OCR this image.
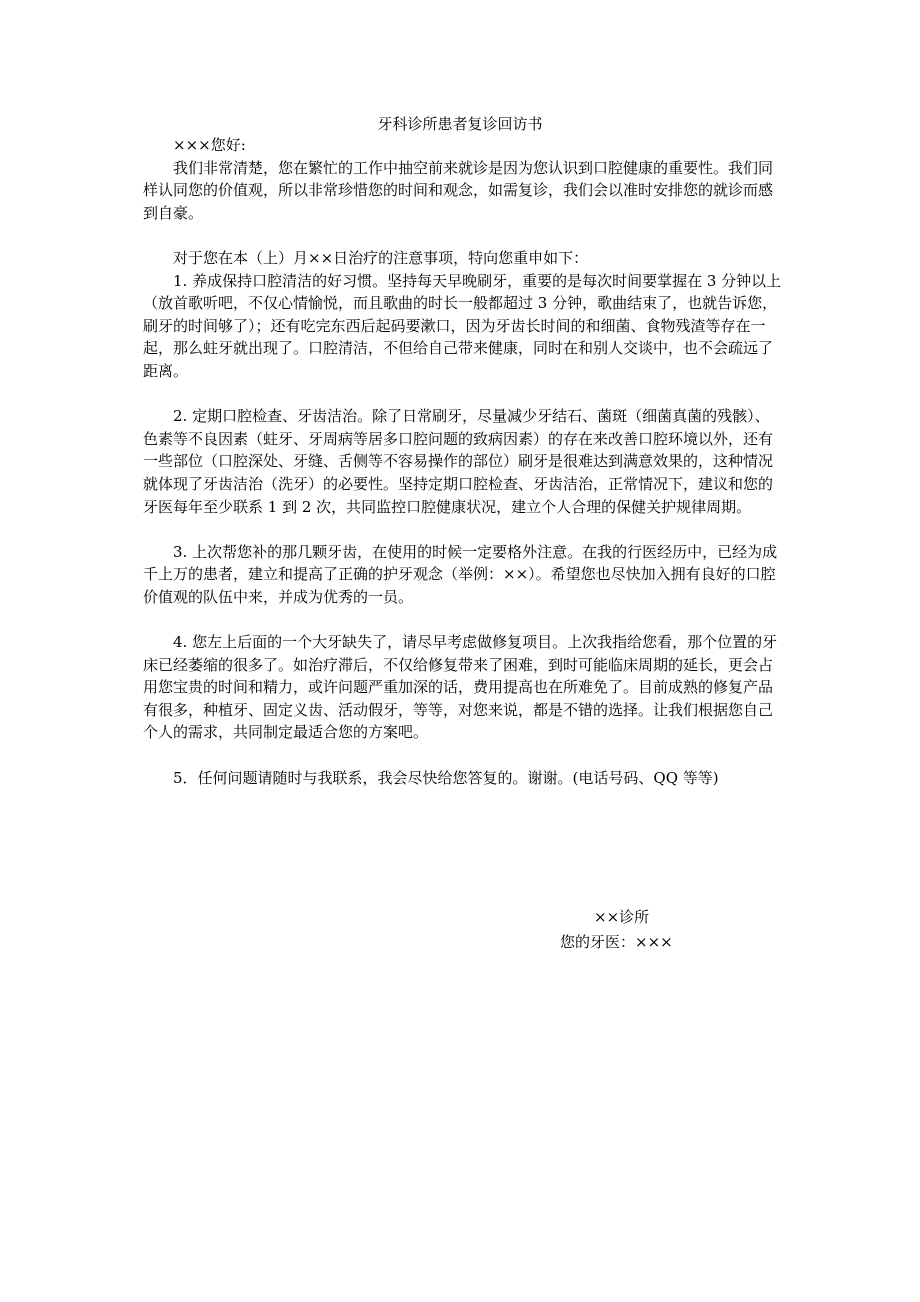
牙科诊所患者复诊回访书

×××您好:

我们非常清楚，您在繁忙的工作中抽空前来就诊是因为您认识到口腔健康的重要性。我们同样认同您的价值观，所以非常珍惜您的时间和观念，如需复诊，我们会以准时安排您的就诊而感到自豪。

对于您在本（上）月××日治疗的注意事项，特向您重申如下：

1. 养成保持口腔清洁的好习惯。坚持每天早晚刷牙，重要的是每次时间要掌握在 3 分钟以上（放首歌听吧，不仅心情愉悦，而且歌曲的时长一般都超过 3 分钟，歌曲结束了，也就告诉您，刷牙的时间够了）；还有吃完东西后起码要漱口，因为牙齿长时间的和细菌、食物残渣等存在一起，那么蛀牙就出现了。口腔清洁，不但给自己带来健康，同时在和别人交谈中，也不会疏远了距离。

2. 定期口腔检查、牙齿洁治。除了日常刷牙，尽量减少牙结石、菌斑（细菌真菌的残骸）、色素等不良因素（蛀牙、牙周病等居多口腔问题的致病因素）的存在来改善口腔环境以外，还有一些部位（口腔深处、牙缝、舌侧等不容易操作的部位）刷牙是很难达到满意效果的，这种情况就体现了牙齿洁治（洗牙）的必要性。坚持定期口腔检查、牙齿洁治，正常情况下，建议和您的牙医每年至少联系 1 到 2 次，共同监控口腔健康状况，建立个人合理的保健关护规律周期。

3. 上次帮您补的那几颗牙齿，在使用的时候一定要格外注意。在我的行医经历中，已经为成千上万的患者，建立和提高了正确的护牙观念（举例：××）。希望您也尽快加入拥有良好的口腔价值观的队伍中来，并成为优秀的一员。

4. 您左上后面的一个大牙缺失了，请尽早考虑做修复项目。上次我指给您看，那个位置的牙床已经萎缩的很多了。如治疗滞后，不仅给修复带来了困难，到时可能临床周期的延长，更会占用您宝贵的时间和精力，或许问题严重加深的话，费用提高也在所难免了。目前成熟的修复产品有很多，种植牙、固定义齿、活动假牙，等等，对您来说，都是不错的选择。让我们根据您自己个人的需求，共同制定最适合您的方案吧。

5．任何问题请随时与我联系，我会尽快给您答复的。谢谢。(电话号码、QQ 等等)

××诊所
您的牙医：×××
